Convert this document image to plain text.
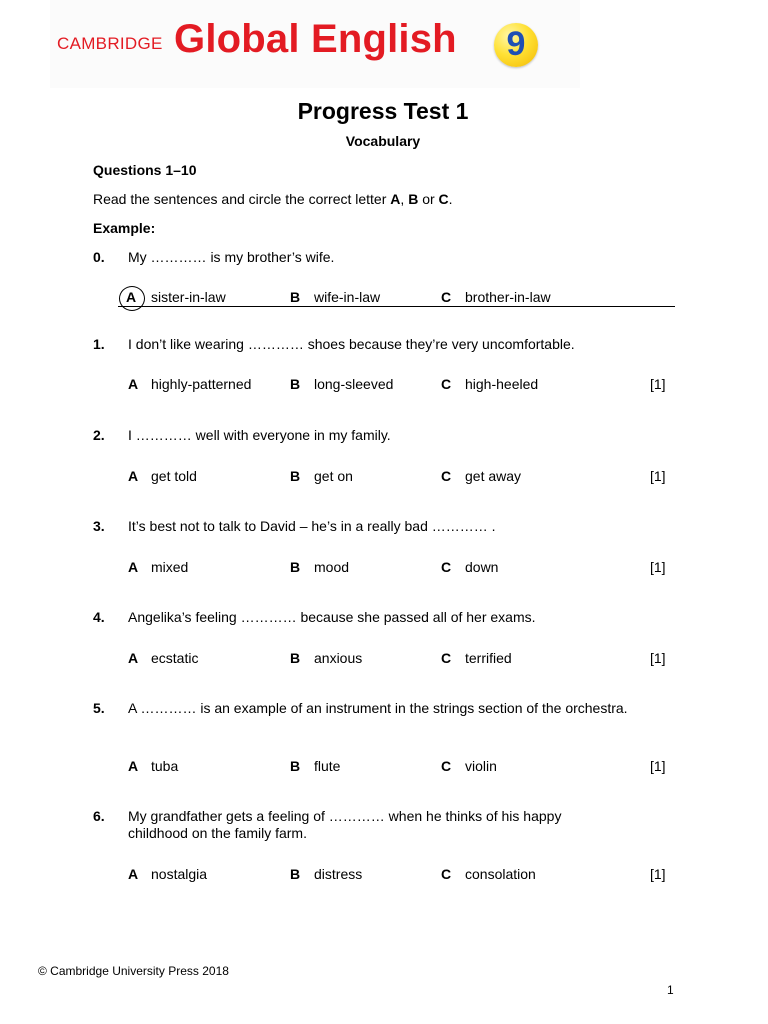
CAMBRIDGE Global English	9
Progress Test 1
Vocabulary
Questions 1–10
Read the sentences and circle the correct letter A, B or C.
Example:
0. My ………… is my brother’s wife.
A sister-in-law	B wife-in-law	C brother-in-law
1. I don’t like wearing ………… shoes because they’re very uncomfortable.
A highly-patterned	B long-sleeved	C high-heeled	[1]
2. I ………… well with everyone in my family.
A get told	B get on	C get away	[1]
3. It’s best not to talk to David – he’s in a really bad ………… .
A mixed	B mood	C down	[1]
4. Angelika’s feeling ………… because she passed all of her exams.
A ecstatic	B anxious	C terrified	[1]
5. A ………… is an example of an instrument in the strings section of the orchestra.
A tuba	B flute	C violin	[1]
6. My grandfather gets a feeling of ………… when he thinks of his happy childhood on the family farm.
A nostalgia	B distress	C consolation	[1]
© Cambridge University Press 2018
1
